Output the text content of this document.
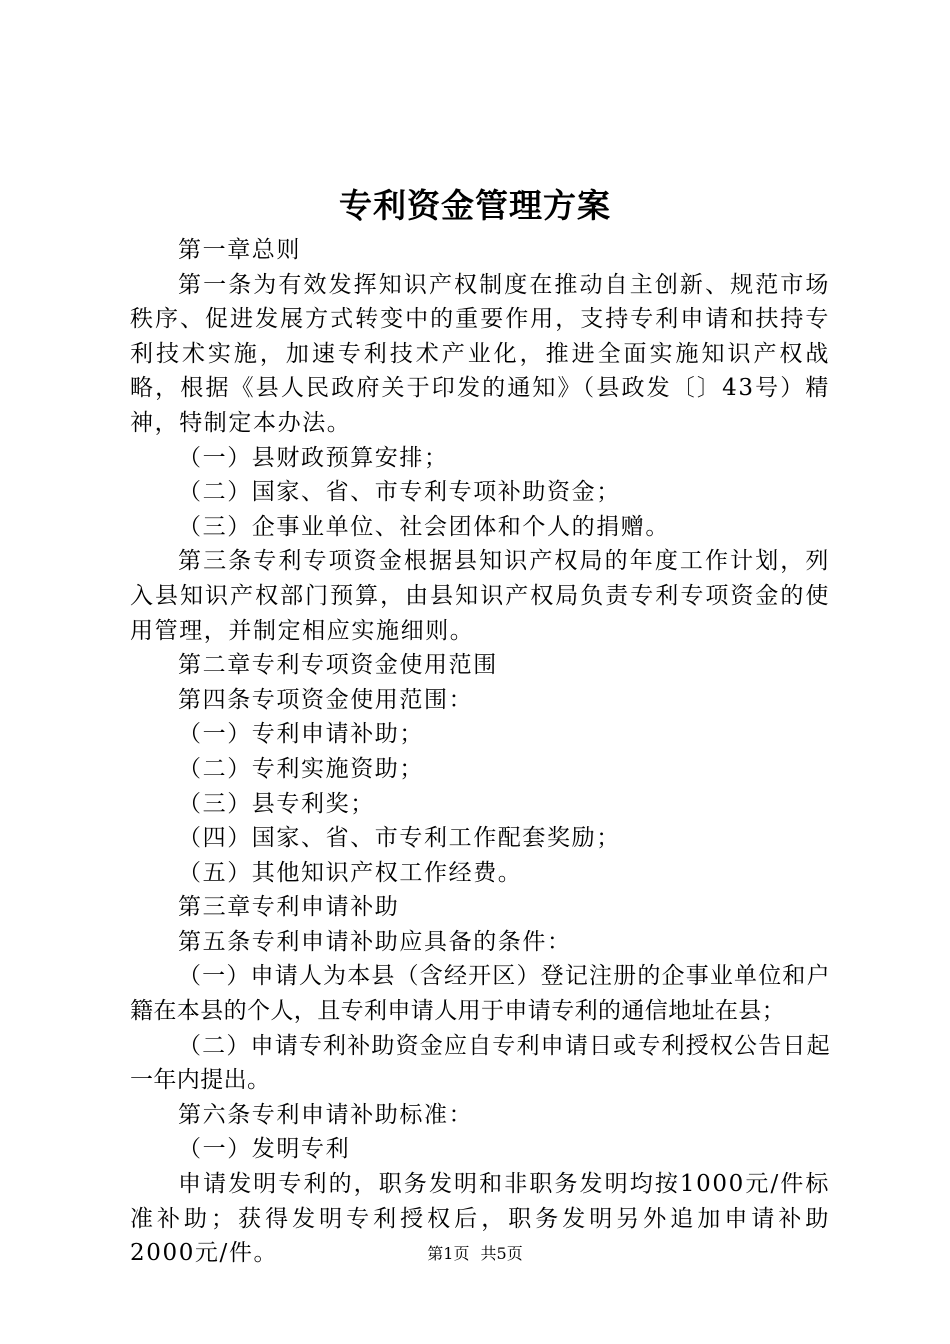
专利资金管理方案

第一章总则

第一条为有效发挥知识产权制度在推动自主创新、规范市场秩序、促进发展方式转变中的重要作用，支持专利申请和扶持专利技术实施，加速专利技术产业化，推进全面实施知识产权战略，根据《县人民政府关于印发的通知》（县政发〔〕43号）精神，特制定本办法。

（一）县财政预算安排；

（二）国家、省、市专利专项补助资金；

（三）企事业单位、社会团体和个人的捐赠。

第三条专利专项资金根据县知识产权局的年度工作计划，列入县知识产权部门预算，由县知识产权局负责专利专项资金的使用管理，并制定相应实施细则。

第二章专利专项资金使用范围

第四条专项资金使用范围：

（一）专利申请补助；

（二）专利实施资助；

（三）县专利奖；

（四）国家、省、市专利工作配套奖励；

（五）其他知识产权工作经费。

第三章专利申请补助

第五条专利申请补助应具备的条件：

（一）申请人为本县（含经开区）登记注册的企事业单位和户籍在本县的个人，且专利申请人用于申请专利的通信地址在县；

（二）申请专利补助资金应自专利申请日或专利授权公告日起一年内提出。

第六条专利申请补助标准：

（一）发明专利

申请发明专利的，职务发明和非职务发明均按1000元/件标准补助；获得发明专利授权后，职务发明另外追加申请补助2000元/件。	第1页 共5页
